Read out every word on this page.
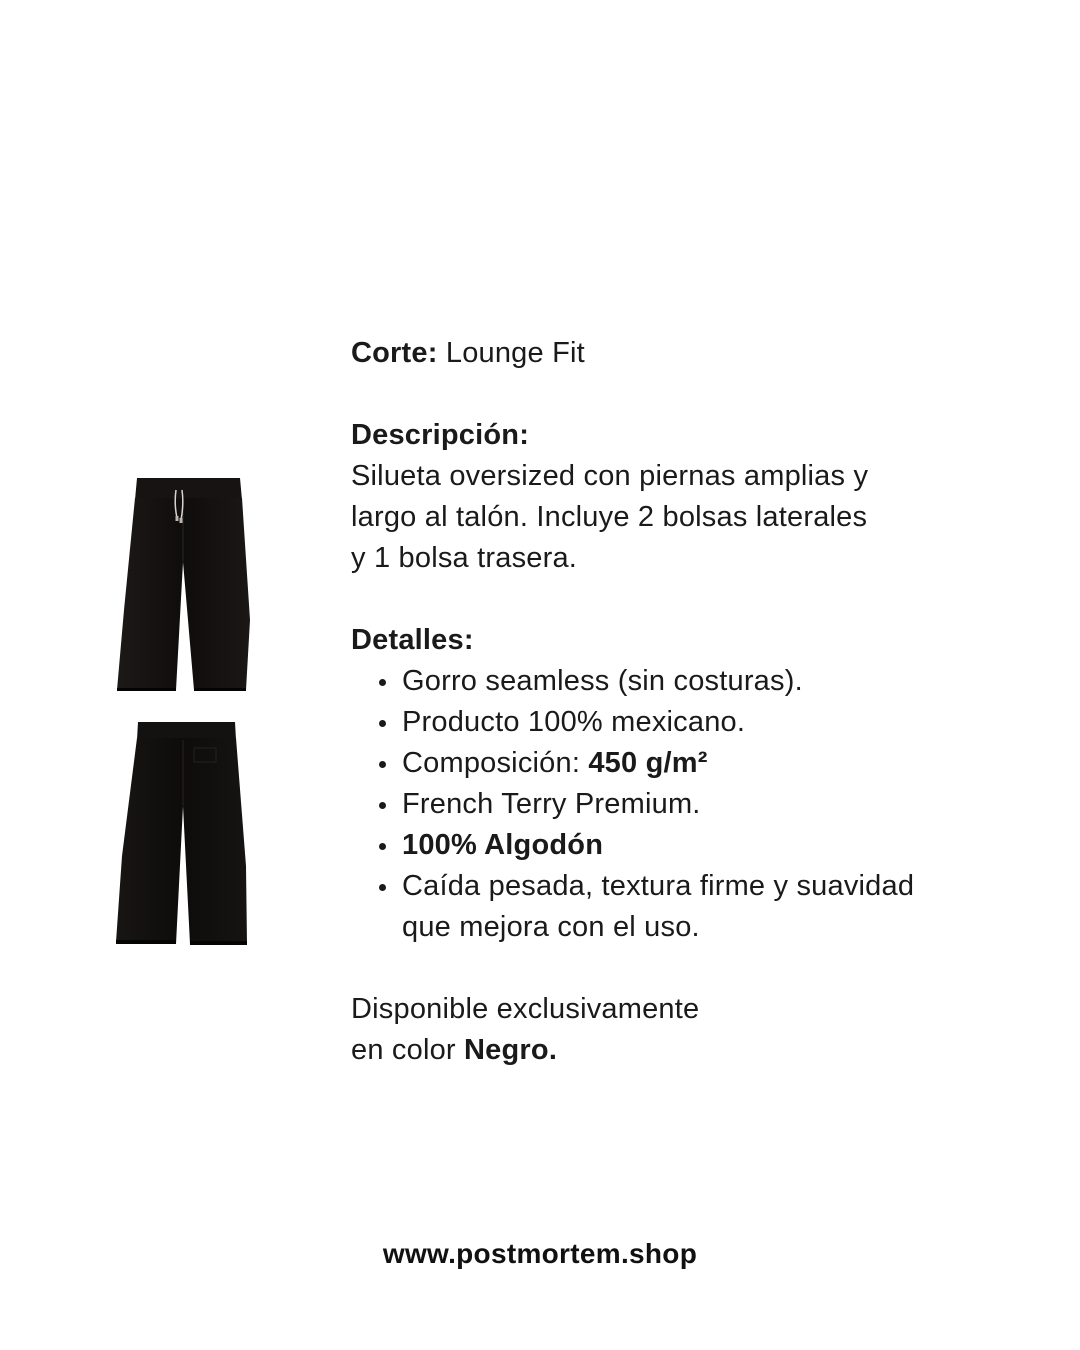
Corte: Lounge Fit

Descripción:

Silueta oversized con piernas amplias y

largo al talón. Incluye 2 bolsas laterales

y 1 bolsa trasera.

Detalles:

Gorro seamless (sin costuras).
Producto 100% mexicano.
Composición: 450 g/m²
French Terry Premium.
100% Algodón
Caída pesada, textura firme y suavidad
que mejora con el uso.

Disponible exclusivamente

en color Negro.

www.postmortem.shop
